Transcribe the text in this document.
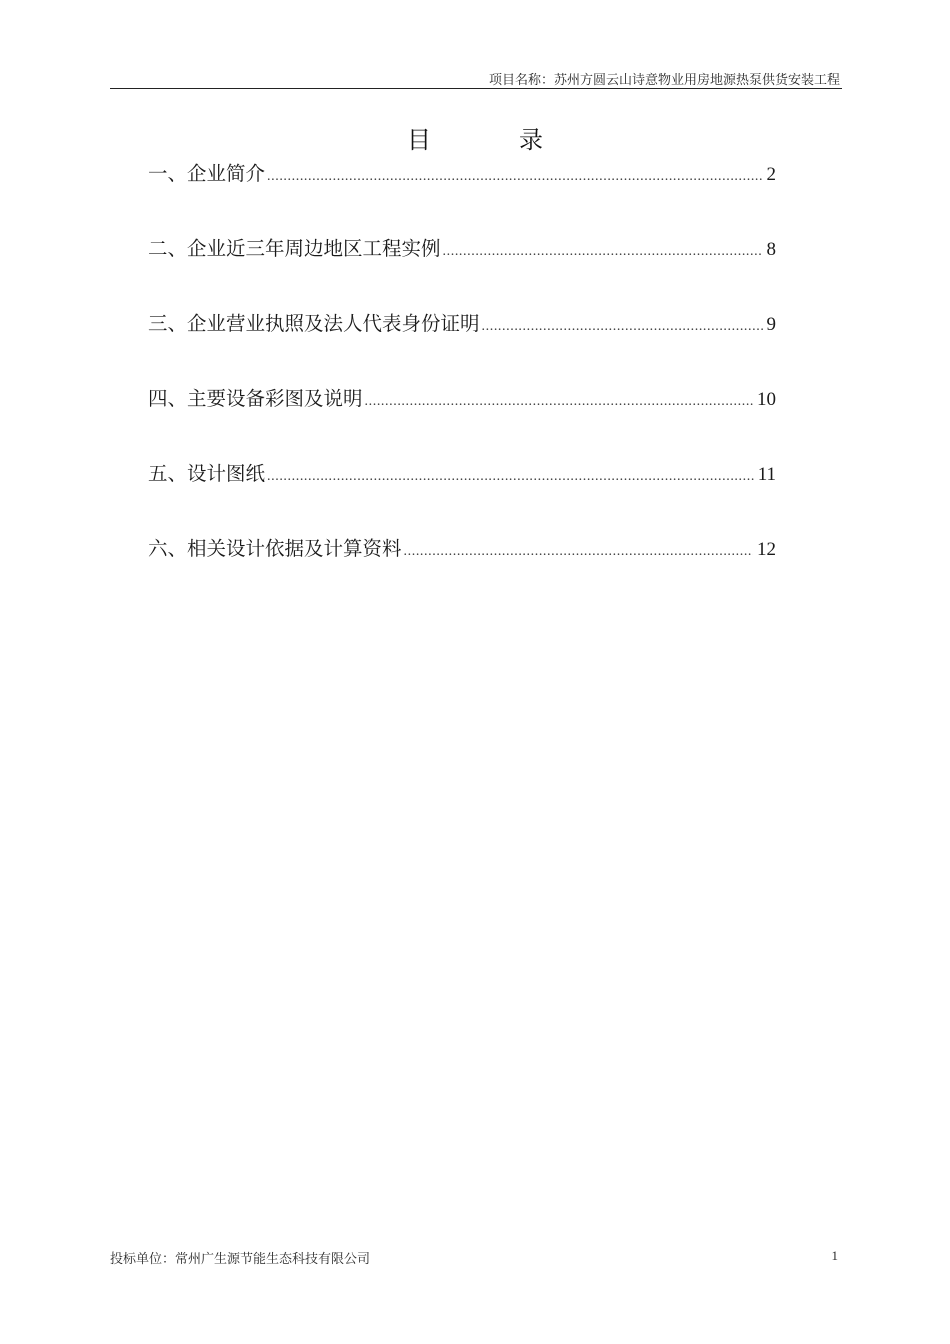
项目名称：苏州方圆云山诗意物业用房地源热泵供货安装工程
目录
一、企业简介 .....	2
二、企业近三年周边地区工程实例 .....	8
三、企业营业执照及法人代表身份证明 .....	9
四、主要设备彩图及说明 .....	10
五、设计图纸 .....	11
六、相关设计依据及计算资料 .....	12
投标单位：常州广生源节能生态科技有限公司	1
